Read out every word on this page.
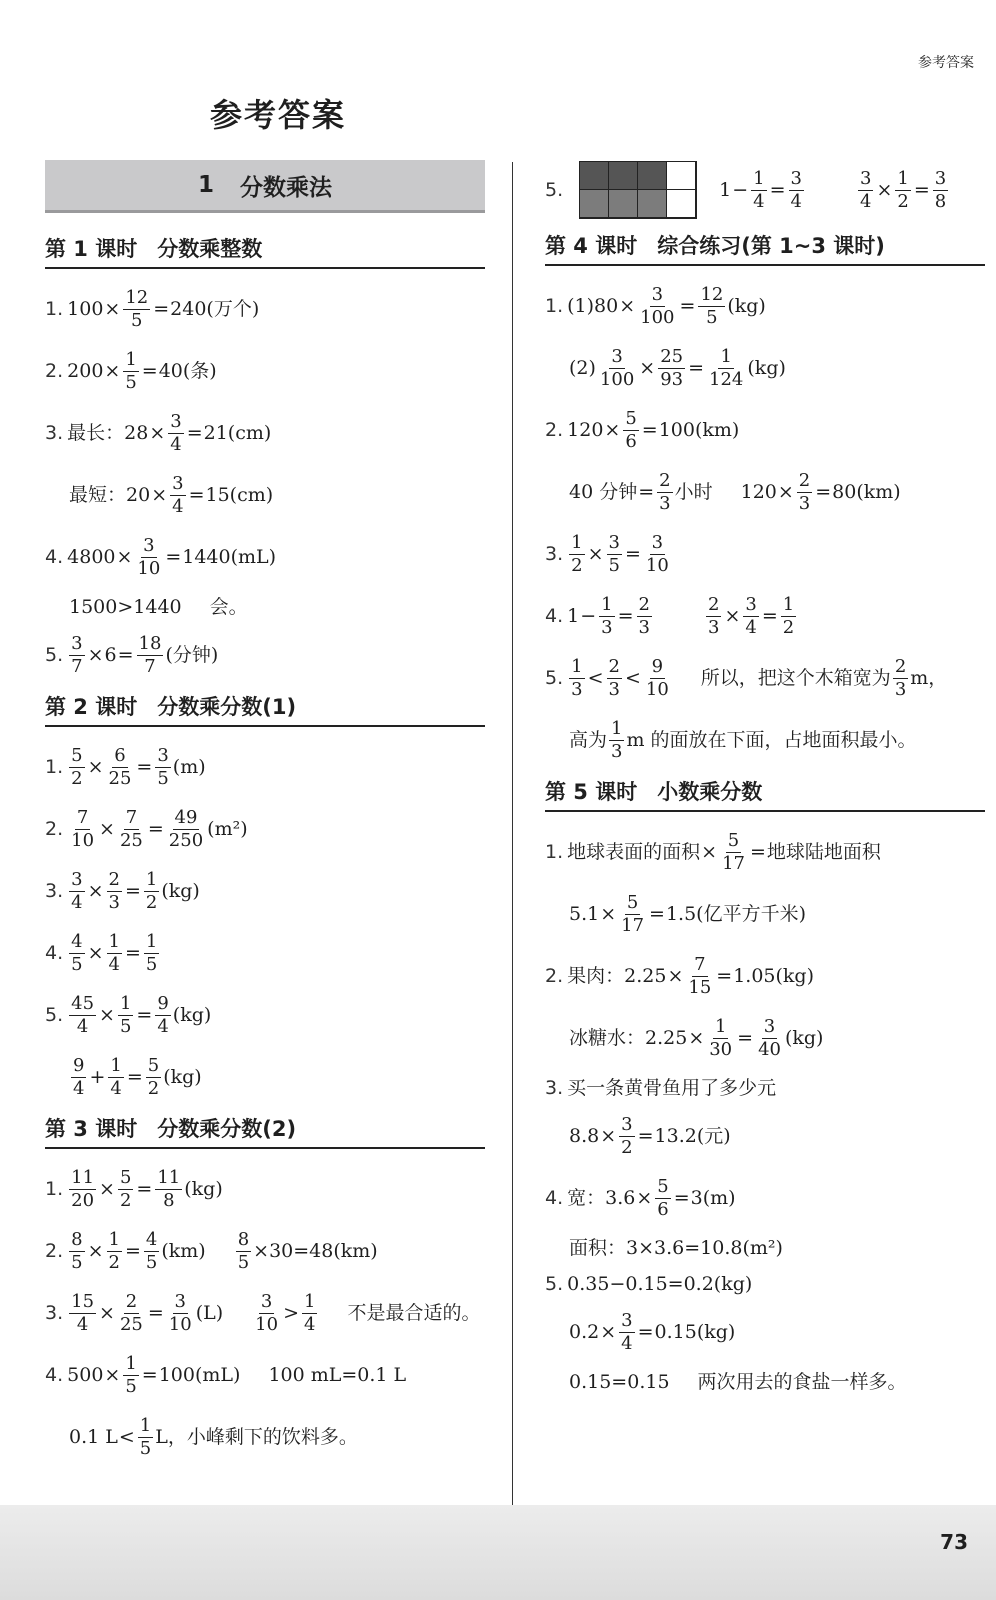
参考答案
参考答案
1 分数乘法
第 1 课时 分数乘整数
1. $100 \times \frac{12}{5} = 240$(万个)
2. $200 \times \frac{1}{5} = 40$(条)
3. 最长：$28 \times \frac{3}{4} = 21(cm)$
最短：$20 \times \frac{3}{4} = 15(cm)$
4. $4800 \times \frac{3}{10} = 1440(mL)$
1500>1440 会。
5. $\frac{3}{7} \times 6 = \frac{18}{7}$ (分钟)
第 2 课时 分数乘分数(1)
1. $\frac{5}{2} \times \frac{6}{25} = \frac{3}{5} (m)$
2. $\frac{7}{10} \times \frac{7}{25} = \frac{49}{250} (m^2)$
3. $\frac{3}{4} \times \frac{2}{3} = \frac{1}{2} (kg)$
4. $\frac{4}{5} \times \frac{1}{4} = \frac{1}{5}$
5. $\frac{45}{4} \times \frac{1}{5} = \frac{9}{4} (kg)$
9
4
+ $\frac{1}{4} = \frac{5}{2} (kg)$
第 3 课时 分数乘分数(2)
1. $\frac{11}{20} \times \frac{5}{2} = \frac{11}{8} (kg)$
2. $\frac{8}{5} \times \frac{1}{2} = \frac{4}{5} (km) \frac{8}{5} \times 30=48(km)$
3. $\frac{15}{4} \times \frac{2}{25} = \frac{3}{10} (L)$
3
10
>
1
4
不是最合适的。
4. $500 \times \frac{1}{5} = 100(mL)$ 100 mL=0.1 L
0.1 L <
1
5
L，小峰剩下的饮料多。
5.	$1 - \frac{1}{4} = \frac{3}{4}$	$\frac{3}{4} \times \frac{1}{2} = \frac{3}{8}$
第 4 课时 综合练习(第 1~3 课时)
1. $(1)80 \times \frac{3}{100} = \frac{12}{5} (kg)$
$(2) \frac{3}{100} \times \frac{25}{93} = \frac{1}{124} (kg)$
2. $120 \times \frac{5}{6} = 100(km)$
40 分钟 = $\frac{2}{3}$ 小时 $120 \times \frac{2}{3} = 80(km)$
3. $\frac{1}{2} \times \frac{3}{5} = \frac{3}{10}$
4. $1 - \frac{1}{3} = \frac{2}{3}$	$\frac{2}{3} \times \frac{3}{4} = \frac{1}{2}$
5.
1
3
<
2
3
<
9
10
所以，把这个木箱宽为
2
3
m，
高为
1
3
m 的面放在下面，占地面积最小。
第 5 课时 小数乘分数
1. 地球表面的面积 × $\frac{5}{17}$ = 地球陆地面积
$5.1 \times \frac{5}{17} = 1.5$(亿平方千米)
2. 果肉：$2.25 \times \frac{7}{15} = 1.05(kg)$
冰糖水：$2.25 \times \frac{1}{30} = \frac{3}{40} (kg)$
3. 买一条黄骨鱼用了多少元
$8.8 \times \frac{3}{2} = 13.2$(元)
4. 宽：$3.6 \times \frac{5}{6} = 3(m)$
面积：3×3.6=10.8(m²)
5. 0.35−0.15=0.2(kg)
$0.2 \times \frac{3}{4} = 0.15(kg)$
0.15=0.15 两次用去的食盐一样多。
73
